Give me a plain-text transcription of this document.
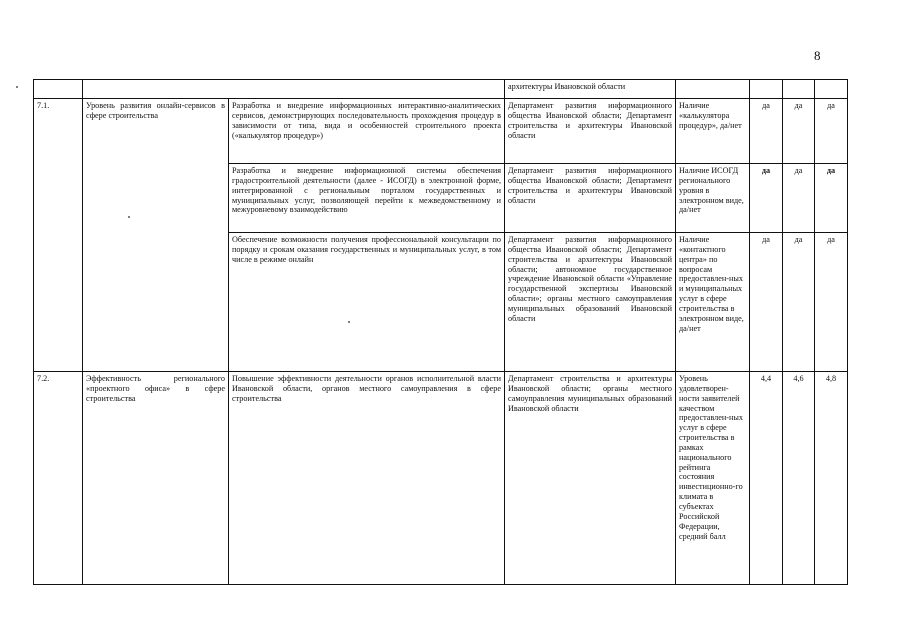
8
			архитектуры Ивановской области				
7.1.	Уровень развития онлайн-сервисов в сфере строительства	Разработка и внедрение информационных интерактивно-аналитических сервисов, демонстрирующих последовательность прохождения процедур в зависимости от типа, вида и особенностей строительного проекта («калькулятор процедур»)	Департамент развития информационного общества Ивановской области; Департамент строительства и архитектуры Ивановской области	Наличие «калькулятора процедур», да/нет	да	да	да
		Разработка и внедрение информационной системы обеспечения градостроительной деятельности (далее - ИСОГД) в электронной форме, интегрированной с региональным порталом государственных и муниципальных услуг, позволяющей перейти к межведомственному и межуровневому взаимодействию	Департамент развития информационного общества Ивановской области; Департамент строительства и архитектуры Ивановской области	Наличие ИСОГД регионального уровня в электронном виде, да/нет	да	да	да
		Обеспечение возможности получения профессиональной консультации по порядку и срокам оказания государственных и муниципальных услуг, в том числе в режиме онлайн	Департамент развития информационного общества Ивановской области; Департамент строительства и архитектуры Ивановской области; автономное государственное учреждение Ивановской области «Управление государственной экспертизы Ивановской области»; органы местного самоуправления муниципальных образований Ивановской области	Наличие «контактного центра» по вопросам предоставлен-ных и муниципальных услуг в сфере строительства в электронном виде, да/нет	да	да	да
7.2.	Эффективность регионального «проектного офиса» в сфере строительства	Повышение эффективности деятельности органов исполнительной власти Ивановской области, органов местного самоуправления в сфере строительства	Департамент строительства и архитектуры Ивановской области; органы местного самоуправления муниципальных образований Ивановской области	Уровень удовлетворен-ности заявителей качеством предоставлен-ных услуг в сфере строительства в рамках национального рейтинга состояния инвестиционно-го климата в субъектах Российской Федерации, средний балл	4,4	4,6	4,8
